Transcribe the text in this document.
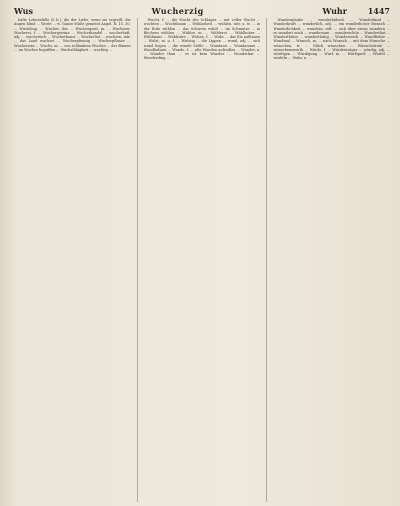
Wus	Wucherzig	Wuhr	1447

hafte Lebensfülle (f. b.), die der Liebe, wenn sie ergreift, die Augen blind ... Worte ... w. Ganze Müße gemeint Angel. R. 15. 30. ... Wüsteling. ... Wucher, der, ... Wuchergeist, m. ... Wucherer, Wucherei, f. ... Wuchergewinn ... Wucherhandel ... wucherhaft, adj. ... wucherisch ... Wucherkunst ... Wucherlist ... wuchern, intr. ... das Land wuchert ... Wucherpfennig ... Wucherpflanze ... Wucherzins ... Wuchs, m. ... von schlankem Wuchse ... der Bäume ... im Wuchse begriffen ... Wuchsfähigkeit ... wuchtig ...

Wucht, f. ... die Wucht des Schlages ... mit voller Wucht ... wuchten ... Wuchtbaum ... Wühlarbeit ... wühlen, intr. u. tr. ... in der Erde wühlen ... das Schwein wühlt ... im Schmutze ... in Büchern wühlen ... Wühler, m. ... Wühlerei ... Wühlhuber ... Wühlmaus ... Wühlratte ... Wuhne, f. ... Wuhr ... das Eis aufhauen ... Wulst, m. u. f. ... Wulstig ... die Lippen ... wund, adj. ... sich wund liegen ... die wunde Stelle ... Wundarzt ... Wundarznei ... Wundbalsam ... Wunde, f. ... alte Wunden aufreißen ... Wunder, n. ... Wunder thun ... es ist kein Wunder ... Wunderbar ... Wunderding ...

Wunderglaube ... wunderhübsch ... Wunderkind ... Wunderkraft ... wunderlich, adj. ... ein wunderlicher Mensch ... Wunderlichkeit ... wundern, refl. ... sich über etwas wundern ... es wundert mich ... wundersam ... wunderschön ... Wunderthat ... Wunderthäter ... wunderthätig ... Wunderwerk ... Wundfieber ... Wundmal ... Wunsch, m. ... nach Wunsch ... mit dem Wunsche ... wünschen, tr. ... Glück wünschen ... Wünschelrute ... wünschenswerth ... Würde, f. ... Würdenträger ... würdig, adj. ... würdigen ... Würdigung ... Wurf, m. ... Wurfspieß ... Würfel ... würfeln ... Wuhr, n. ...
